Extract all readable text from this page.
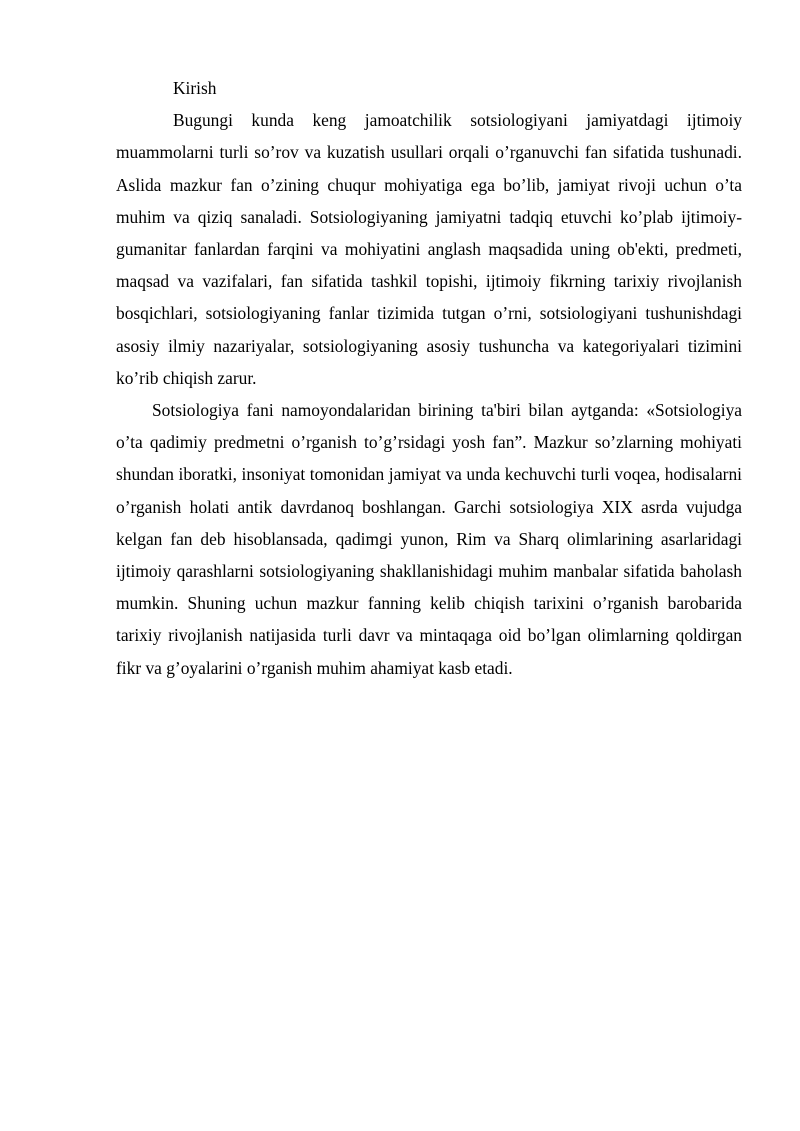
Kirish

Bugungi kunda keng jamoatchilik sotsiologiyani jamiyatdagi ijtimoiy muammolarni turli so’rov va kuzatish usullari orqali o’rganuvchi fan sifatida tushunadi. Aslida mazkur fan o’zining chuqur mohiyatiga ega bo’lib, jamiyat rivoji uchun o’ta muhim va qiziq sanaladi. Sotsiologiyaning jamiyatni tadqiq etuvchi ko’plab ijtimoiy-gumanitar fanlardan farqini va mohiyatini anglash maqsadida uning ob'ekti, predmeti, maqsad va vazifalari, fan sifatida tashkil topishi, ijtimoiy fikrning tarixiy rivojlanish bosqichlari, sotsiologiyaning fanlar tizimida tutgan o’rni, sotsiologiyani tushunishdagi asosiy ilmiy nazariyalar, sotsiologiyaning asosiy tushuncha va kategoriyalari tizimini ko’rib chiqish zarur.

Sotsiologiya fani namoyondalaridan birining ta'biri bilan aytganda: «Sotsiologiya o’ta qadimiy predmetni o’rganish to’g’rsidagi yosh fan”. Mazkur so’zlarning mohiyati shundan iboratki, insoniyat tomonidan jamiyat va unda kechuvchi turli voqea, hodisalarni o’rganish holati antik davrdanoq boshlangan. Garchi sotsiologiya XIX asrda vujudga kelgan fan deb hisoblansada, qadimgi yunon, Rim va Sharq olimlarining asarlaridagi ijtimoiy qarashlarni sotsiologiyaning shakllanishidagi muhim manbalar sifatida baholash mumkin. Shuning uchun mazkur fanning kelib chiqish tarixini o’rganish barobarida tarixiy rivojlanish natijasida turli davr va mintaqaga oid bo’lgan olimlarning qoldirgan fikr va g’oyalarini o’rganish muhim ahamiyat kasb etadi.
